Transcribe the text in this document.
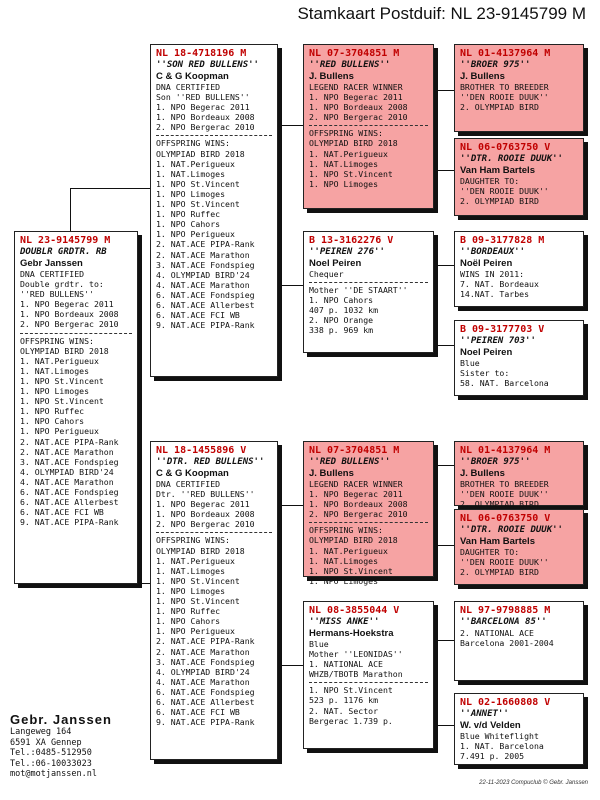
Stamkaart Postduif: NL 23-9145799 M
NL 23-9145799 M
DOUBLR GRDTR. RB
Gebr Janssen
DNA CERTIFIED
Double grdtr. to:
''RED BULLENS''
1. NPO Begerac 2011
1. NPO Bordeaux 2008
2. NPO Bergerac 2010
OFFSPRING WINS:
OLYMPIAD BIRD 2018
1. NAT.Perigueux
1. NAT.Limoges
1. NPO St.Vincent
1. NPO Limoges
1. NPO St.Vincent
1. NPO Ruffec
1. NPO Cahors
1. NPO Perigueux
2. NAT.ACE PIPA-Rank
2. NAT.ACE Marathon
3. NAT.ACE Fondspieg
4. OLYMPIAD BIRD'24
4. NAT.ACE Marathon
6. NAT.ACE Fondspieg
6. NAT.ACE Allerbest
6. NAT.ACE FCI WB
9. NAT.ACE PIPA-Rank
NL 18-4718196 M
''SON RED BULLENS''
C & G Koopman
DNA CERTIFIED
Son ''RED BULLENS''
1. NPO Begerac 2011
1. NPO Bordeaux 2008
2. NPO Bergerac 2010
OFFSPRING WINS:
OLYMPIAD BIRD 2018
1. NAT.Perigueux
1. NAT.Limoges
1. NPO St.Vincent
1. NPO Limoges
1. NPO St.Vincent
1. NPO Ruffec
1. NPO Cahors
1. NPO Perigueux
2. NAT.ACE PIPA-Rank
2. NAT.ACE Marathon
3. NAT.ACE Fondspieg
4. OLYMPIAD BIRD'24
4. NAT.ACE Marathon
6. NAT.ACE Fondspieg
6. NAT.ACE Allerbest
6. NAT.ACE FCI WB
9. NAT.ACE PIPA-Rank
NL 18-1455896 V
''DTR. RED BULLENS''
C & G Koopman
DNA CERTIFIED
Dtr. ''RED BULLENS''
1. NPO Begerac 2011
1. NPO Bordeaux 2008
2. NPO Bergerac 2010
OFFSPRING WINS:
OLYMPIAD BIRD 2018
1. NAT.Perigueux
1. NAT.Limoges
1. NPO St.Vincent
1. NPO Limoges
1. NPO St.Vincent
1. NPO Ruffec
1. NPO Cahors
1. NPO Perigueux
2. NAT.ACE PIPA-Rank
2. NAT.ACE Marathon
3. NAT.ACE Fondspieg
4. OLYMPIAD BIRD'24
4. NAT.ACE Marathon
6. NAT.ACE Fondspieg
6. NAT.ACE Allerbest
6. NAT.ACE FCI WB
9. NAT.ACE PIPA-Rank
NL 07-3704851 M
''RED BULLENS''
J. Bullens
LEGEND RACER WINNER
1. NPO Begerac 2011
1. NPO Bordeaux 2008
2. NPO Bergerac 2010
OFFSPRING WINS:
OLYMPIAD BIRD 2018
1. NAT.Perigueux
1. NAT.Limoges
1. NPO St.Vincent
1. NPO Limoges
B 13-3162276 V
''PEIREN 276''
Noel Peiren
Chequer
Mother ''DE STAART''
1. NPO Cahors
407 p. 1032 km
2. NPO Orange
338 p. 969 km
NL 07-3704851 M
''RED BULLENS''
J. Bullens
LEGEND RACER WINNER
1. NPO Begerac 2011
1. NPO Bordeaux 2008
2. NPO Bergerac 2010
OFFSPRING WINS:
OLYMPIAD BIRD 2018
1. NAT.Perigueux
1. NAT.Limoges
1. NPO St.Vincent
1. NPO Limoges
NL 08-3855044 V
''MISS ANKE''
Hermans-Hoekstra
Blue
Mother ''LEONIDAS''
1. NATIONAL ACE
WHZB/TBOTB Marathon
1. NPO St.Vincent
523 p. 1176 km
2. NAT. Sector
Bergerac 1.739 p.
NL 01-4137964 M
''BROER 975''
J. Bullens
BROTHER TO BREEDER
''DEN ROOIE DUUK''
2. OLYMPIAD BIRD
NL 06-0763750 V
''DTR. ROOIE DUUK''
Van Ham Bartels
DAUGHTER TO:
''DEN ROOIE DUUK''
2. OLYMPIAD BIRD
B 09-3177828 M
''BORDEAUX''
Noël Peiren
WINS IN 2011:
7. NAT. Bordeaux
14.NAT. Tarbes
B 09-3177703 V
''PEIREN 703''
Noel Peiren
Blue
Sister to:
58. NAT. Barcelona
NL 01-4137964 M
''BROER 975''
J. Bullens
BROTHER TO BREEDER
''DEN ROOIE DUUK''
2. OLYMPIAD BIRD
NL 06-0763750 V
''DTR. ROOIE DUUK''
Van Ham Bartels
DAUGHTER TO:
''DEN ROOIE DUUK''
2. OLYMPIAD BIRD
NL 97-9798885 M
''BARCELONA 85''
2. NATIONAL ACE
Barcelona 2001-2004
NL 02-1660808 V
''ANNET''
W. v/d Velden
Blue Whiteflight
1. NAT. Barcelona
7.491 p. 2005
Gebr. Janssen
Langeweg 164
6591 XA Gennep
Tel.:0485-512950
Tel.:06-10033023
mot@motjanssen.nl
22-11-2023 Compuclub © Gebr. Janssen
